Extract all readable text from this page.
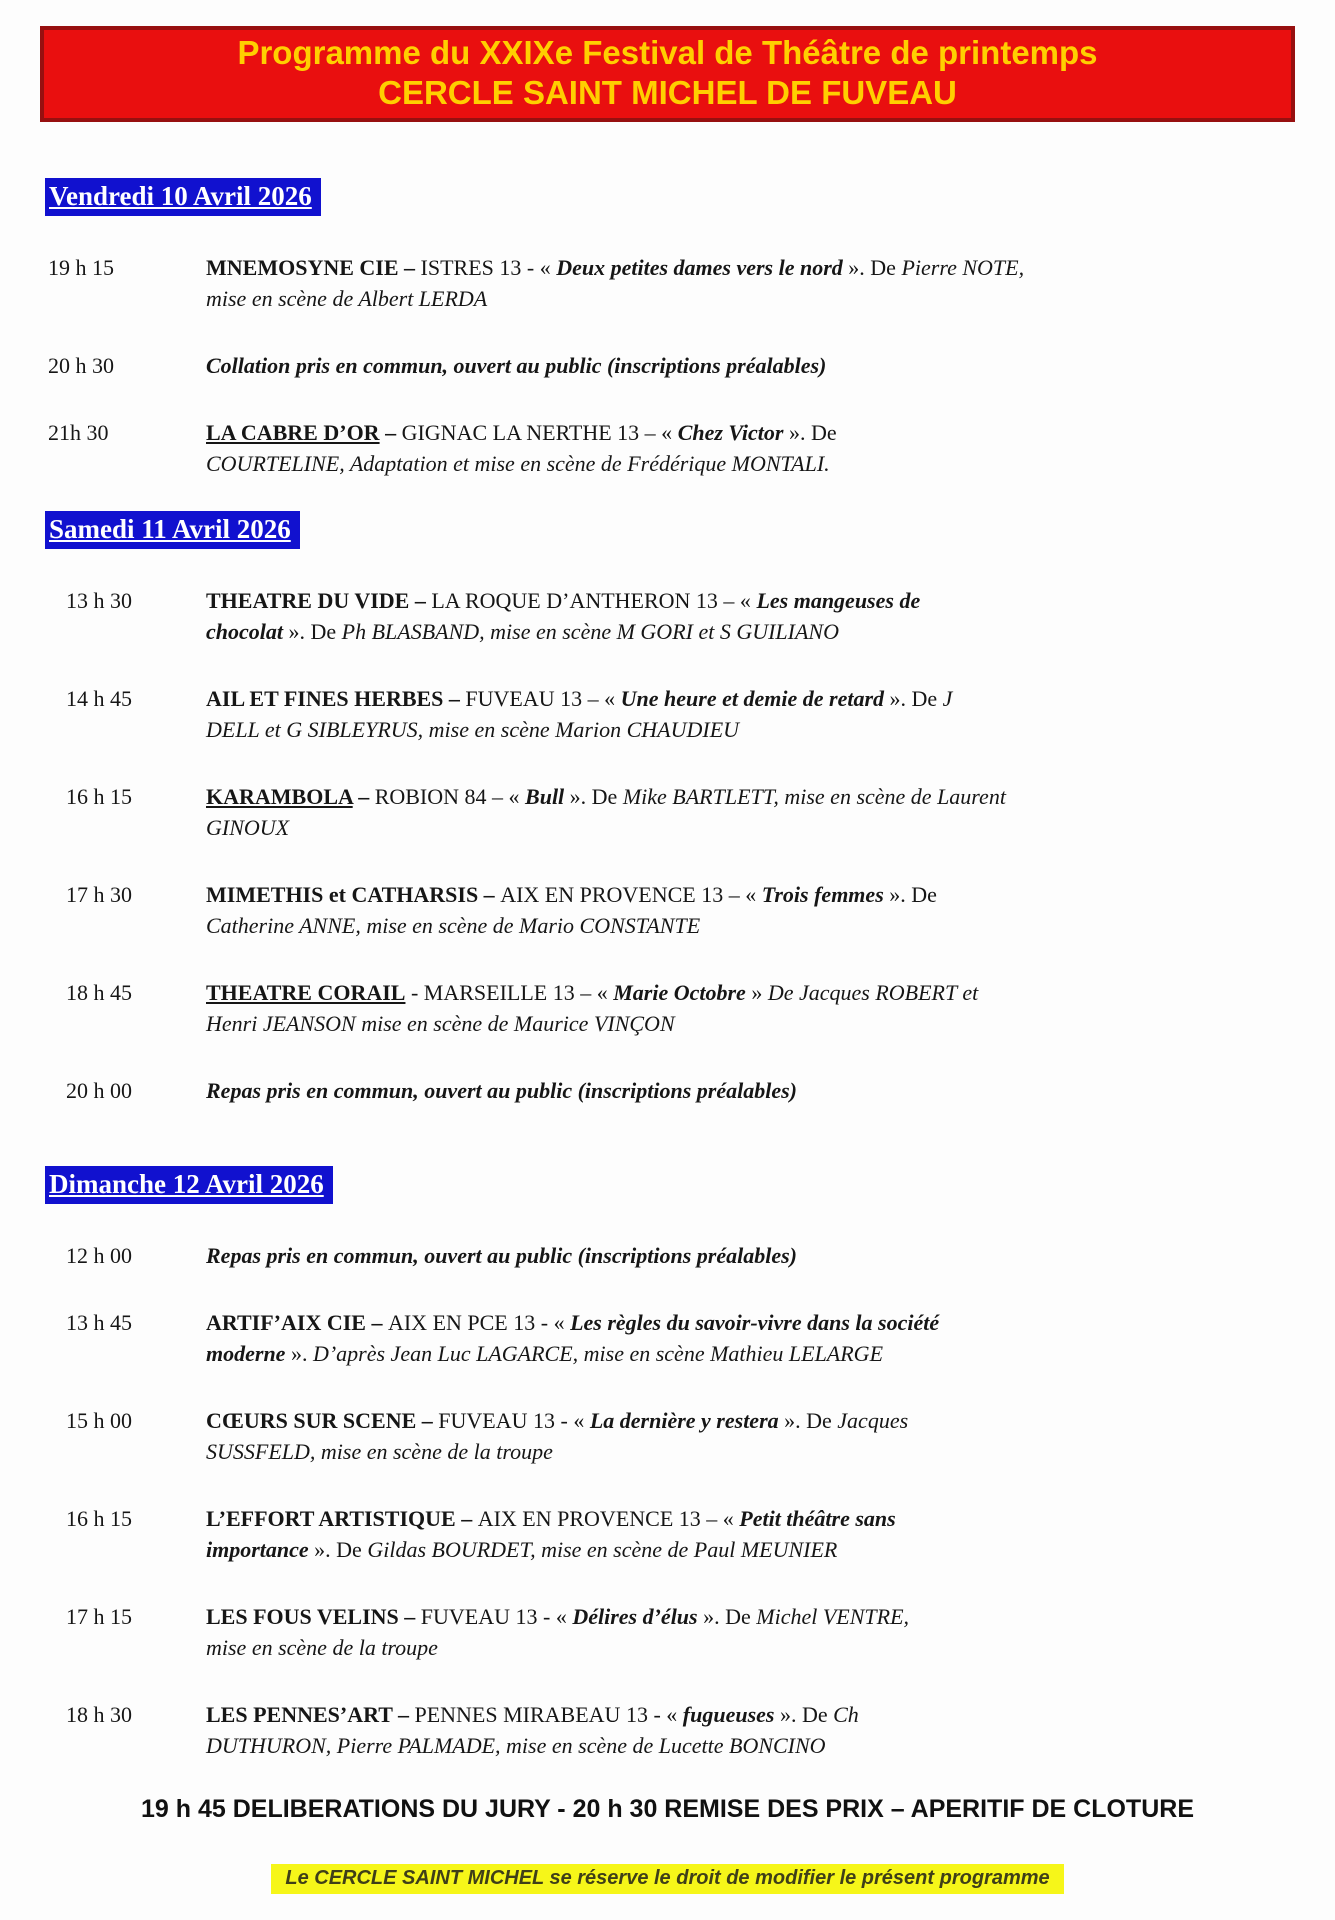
Programme du XXIXe Festival de Théâtre de printemps
CERCLE SAINT MICHEL DE FUVEAU
Vendredi 10 Avril 2026
19 h 15	MNEMOSYNE CIE – ISTRES 13 - « Deux petites dames vers le nord ». De Pierre NOTE,
mise en scène de Albert LERDA
20 h 30	Collation pris en commun, ouvert au public (inscriptions préalables)
21h 30	LA CABRE D’OR – GIGNAC LA NERTHE 13 – « Chez Victor ». De
COURTELINE, Adaptation et mise en scène de Frédérique MONTALI.
Samedi 11 Avril 2026
13 h 30	THEATRE DU VIDE – LA ROQUE D’ANTHERON 13 – « Les mangeuses de
chocolat ». De Ph BLASBAND, mise en scène M GORI et S GUILIANO
14 h 45	AIL ET FINES HERBES – FUVEAU 13 – « Une heure et demie de retard ». De J
DELL et G SIBLEYRUS, mise en scène Marion CHAUDIEU
16 h 15	KARAMBOLA – ROBION 84 – « Bull ». De Mike BARTLETT, mise en scène de Laurent
GINOUX
17 h 30	MIMETHIS et CATHARSIS – AIX EN PROVENCE 13 – « Trois femmes ». De
Catherine ANNE, mise en scène de Mario CONSTANTE
18 h 45	THEATRE CORAIL - MARSEILLE 13 – « Marie Octobre » De Jacques ROBERT et
Henri JEANSON mise en scène de Maurice VINÇON
20 h 00	Repas pris en commun, ouvert au public (inscriptions préalables)
Dimanche 12 Avril 2026
12 h 00	Repas pris en commun, ouvert au public (inscriptions préalables)
13 h 45	ARTIF’AIX CIE – AIX EN PCE 13 - « Les règles du savoir-vivre dans la société
moderne ». D’après Jean Luc LAGARCE, mise en scène Mathieu LELARGE
15 h 00	CŒURS SUR SCENE – FUVEAU 13 - « La dernière y restera ». De Jacques
SUSSFELD, mise en scène de la troupe
16 h 15	L’EFFORT ARTISTIQUE – AIX EN PROVENCE 13 – « Petit théâtre sans
importance ». De Gildas BOURDET, mise en scène de Paul MEUNIER
17 h 15	LES FOUS VELINS – FUVEAU 13 - « Délires d’élus ». De Michel VENTRE,
mise en scène de la troupe
18 h 30	LES PENNES’ART – PENNES MIRABEAU 13 - « fugueuses ». De Ch
DUTHURON, Pierre PALMADE, mise en scène de Lucette BONCINO
19 h 45 DELIBERATIONS DU JURY - 20 h 30 REMISE DES PRIX – APERITIF DE CLOTURE
Le CERCLE SAINT MICHEL se réserve le droit de modifier le présent programme
